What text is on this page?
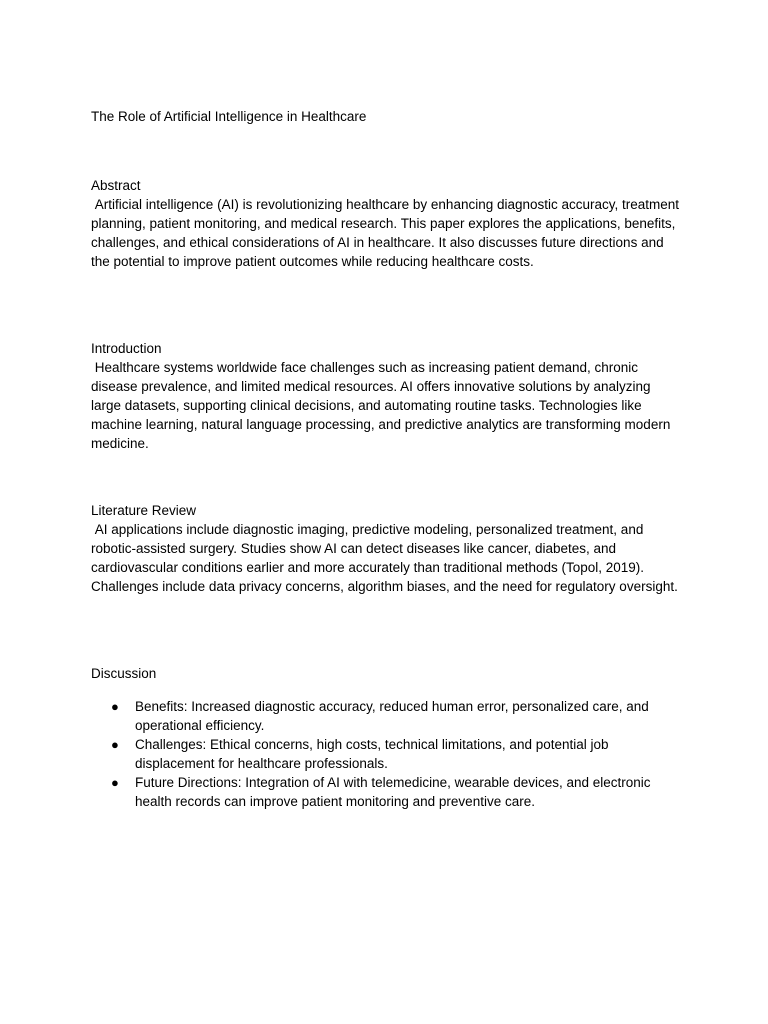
The Role of Artificial Intelligence in Healthcare
Abstract

Artificial intelligence (AI) is revolutionizing healthcare by enhancing diagnostic accuracy, treatment planning, patient monitoring, and medical research. This paper explores the applications, benefits, challenges, and ethical considerations of AI in healthcare. It also discusses future directions and the potential to improve patient outcomes while reducing healthcare costs.

Introduction

Healthcare systems worldwide face challenges such as increasing patient demand, chronic disease prevalence, and limited medical resources. AI offers innovative solutions by analyzing large datasets, supporting clinical decisions, and automating routine tasks. Technologies like machine learning, natural language processing, and predictive analytics are transforming modern medicine.

Literature Review

AI applications include diagnostic imaging, predictive modeling, personalized treatment, and robotic-assisted surgery. Studies show AI can detect diseases like cancer, diabetes, and cardiovascular conditions earlier and more accurately than traditional methods (Topol, 2019). Challenges include data privacy concerns, algorithm biases, and the need for regulatory oversight.

Discussion
● Benefits: Increased diagnostic accuracy, reduced human error, personalized care, and operational efficiency.
● Challenges: Ethical concerns, high costs, technical limitations, and potential job displacement for healthcare professionals.
● Future Directions: Integration of AI with telemedicine, wearable devices, and electronic health records can improve patient monitoring and preventive care.
